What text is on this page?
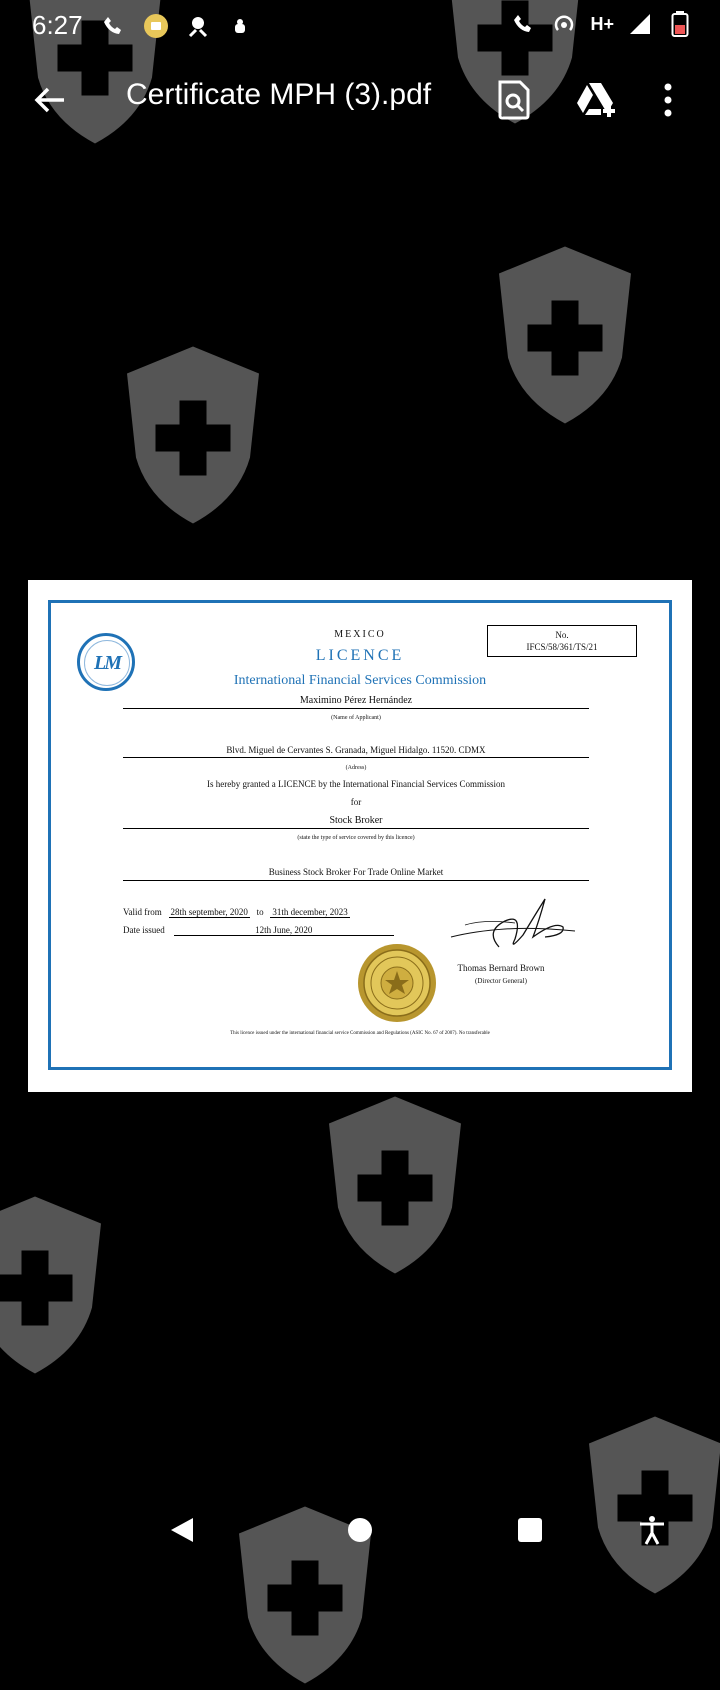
6:27	H+
Certificate MPH (3).pdf
LM
MEXICO
LICENCE
International Financial Services Commission
No.
IFCS/58/361/TS/21
Maximino Pérez Hernández
(Name of Applicant)
Blvd. Miguel de Cervantes S. Granada, Miguel Hidalgo. 11520. CDMX
(Adress)
Is hereby granted a LICENCE by the International Financial Services Commission
for
Stock Broker
(state the type of service covered by this licence)
Business Stock Broker For Trade Online Market
Valid from 28th september, 2020 to 31th december, 2023
Date issued	12th June, 2020
Thomas Bernard Brown
(Director General)
This licence issued under the international financial service Commission and Regulations (ASIC No. 67 of 2007). No transferable
